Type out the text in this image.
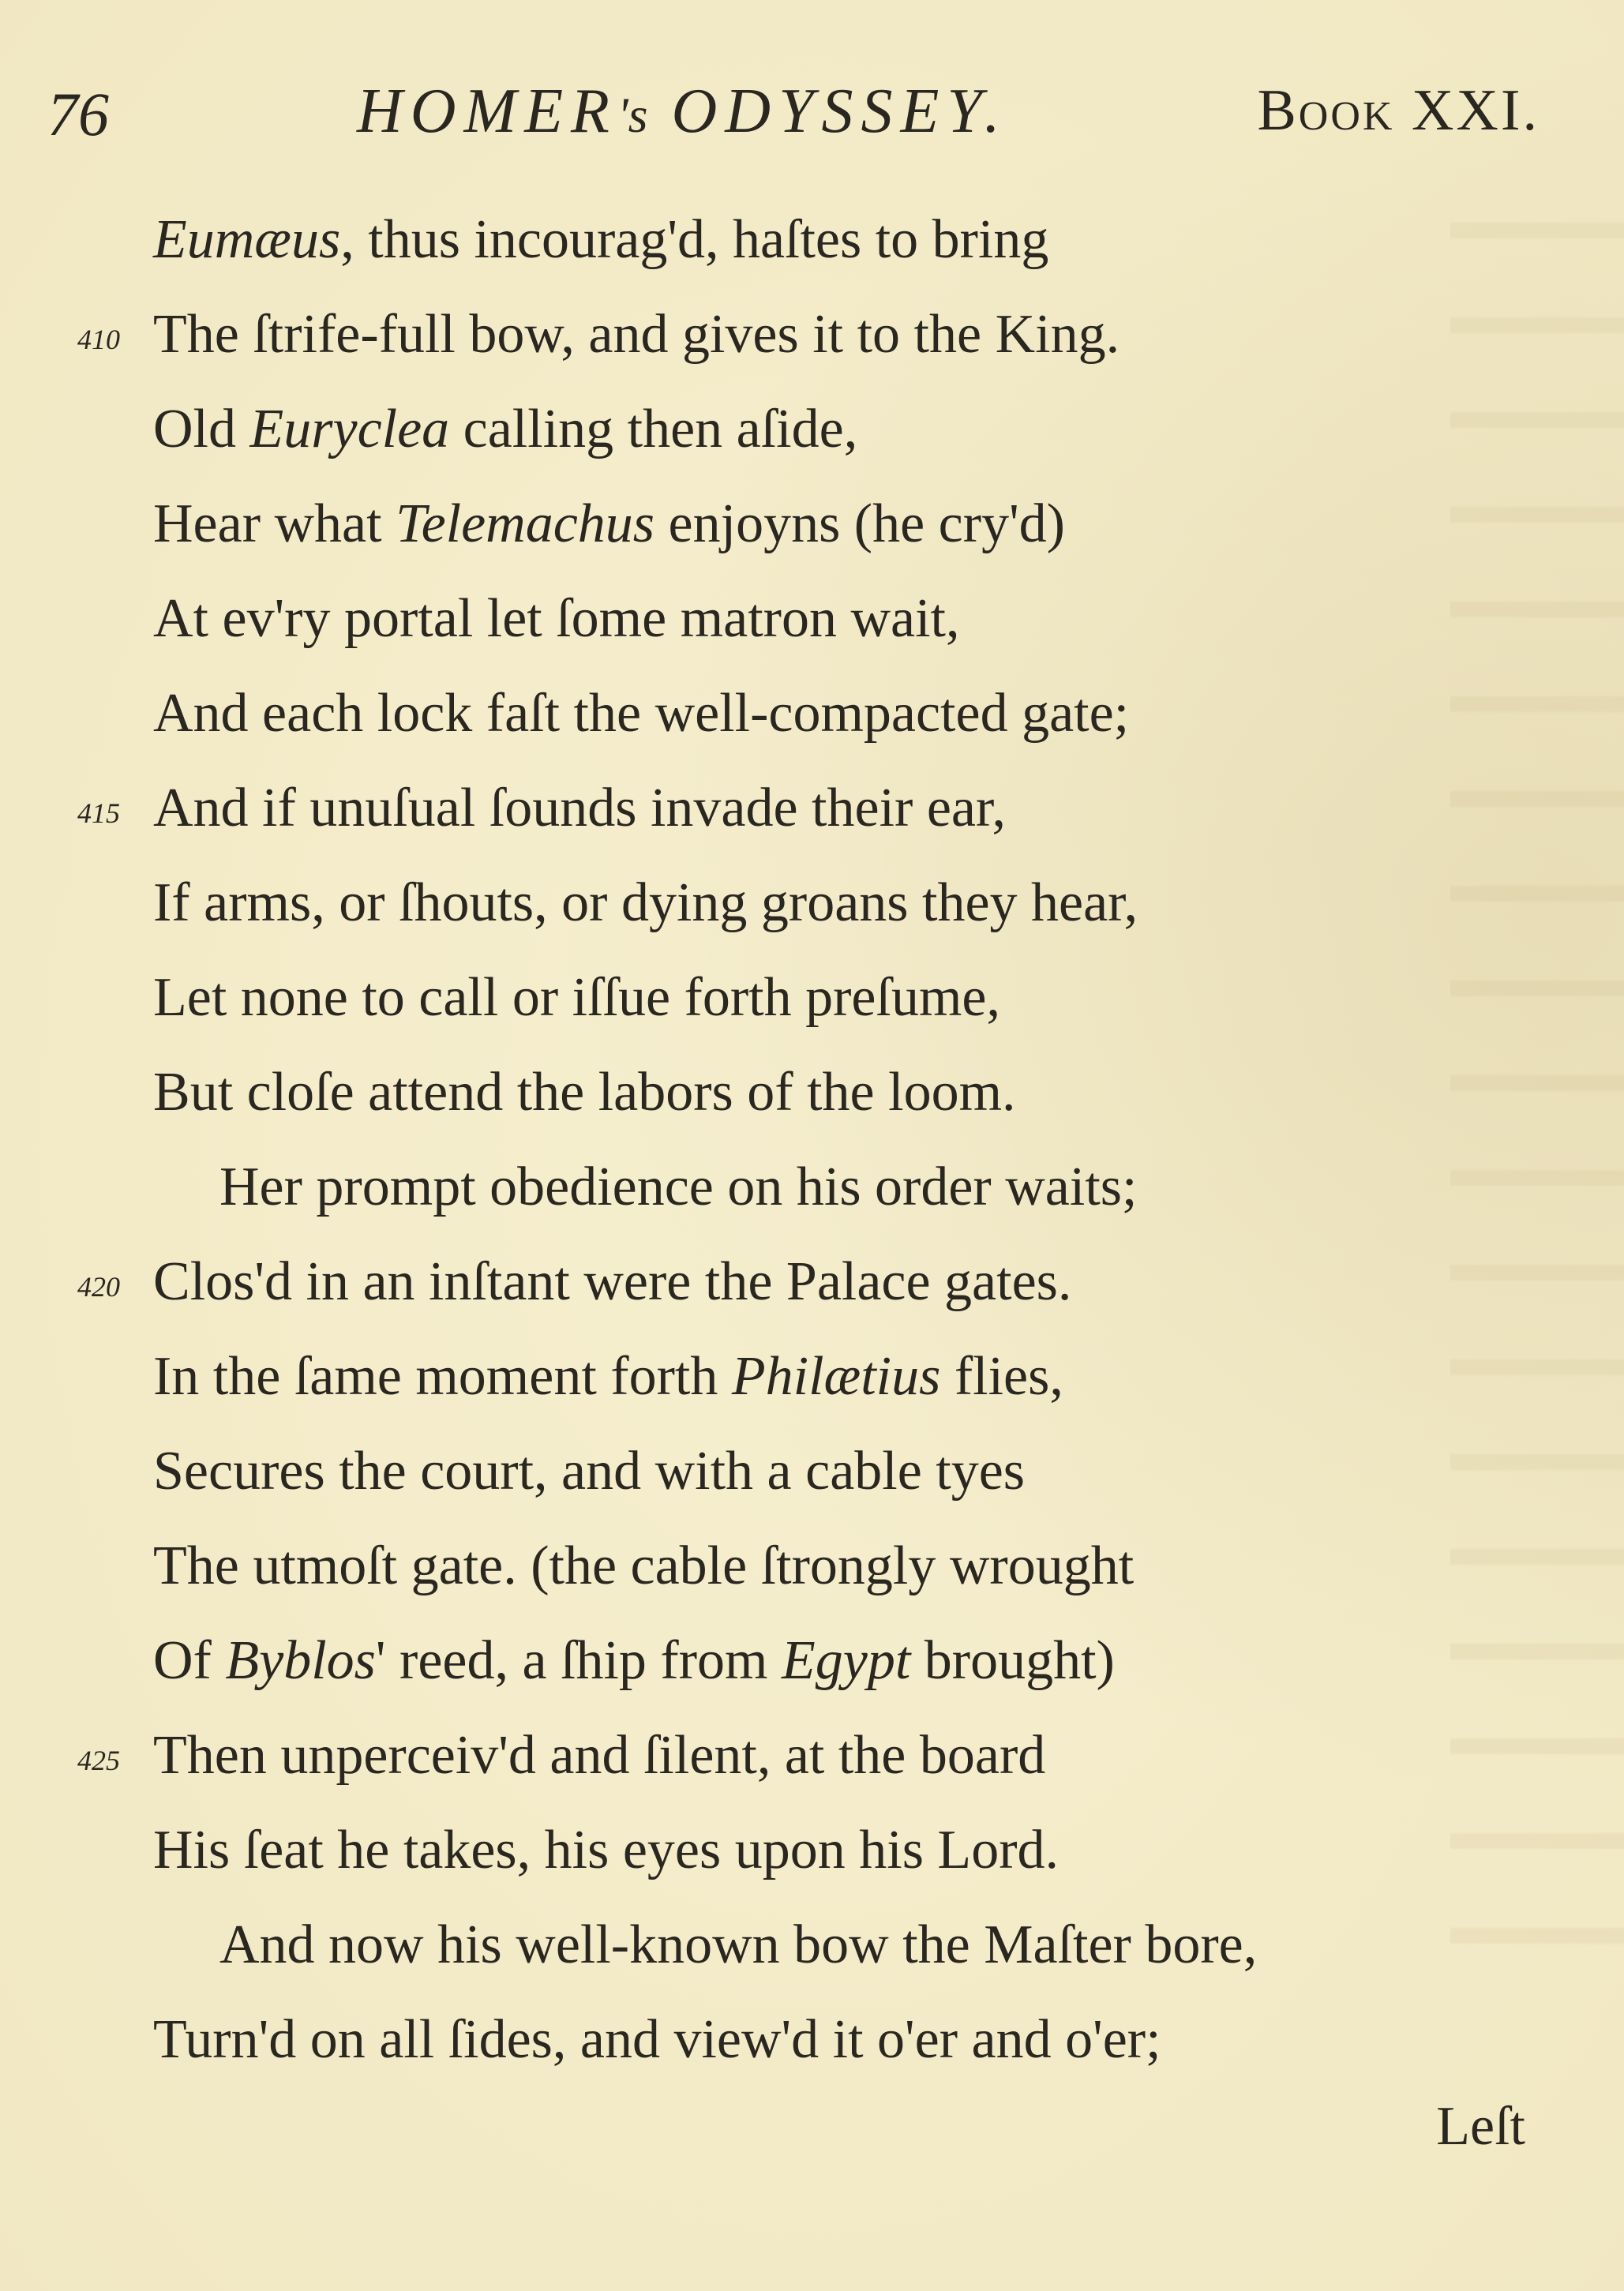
76	HOMER's ODYSSEY.	Book XXI.
Eumæus, thus incourag'd, haſtes to bring
410 The ſtrife-full bow, and gives it to the King.
Old Euryclea calling then aſide,
Hear what Telemachus enjoyns (he cry'd)
At ev'ry portal let ſome matron wait,
And each lock faſt the well-compacted gate;
415 And if unuſual ſounds invade their ear,
If arms, or ſhouts, or dying groans they hear,
Let none to call or iſſue forth preſume,
But cloſe attend the labors of the loom.
Her prompt obedience on his order waits;
420 Clos'd in an inſtant were the Palace gates.
In the ſame moment forth Philætius flies,
Secures the court, and with a cable tyes
The utmoſt gate. (the cable ſtrongly wrought
Of Byblos' reed, a ſhip from Egypt brought)
425 Then unperceiv'd and ſilent, at the board
His ſeat he takes, his eyes upon his Lord.
And now his well-known bow the Maſter bore,
Turn'd on all ſides, and view'd it o'er and o'er;
Leſt
